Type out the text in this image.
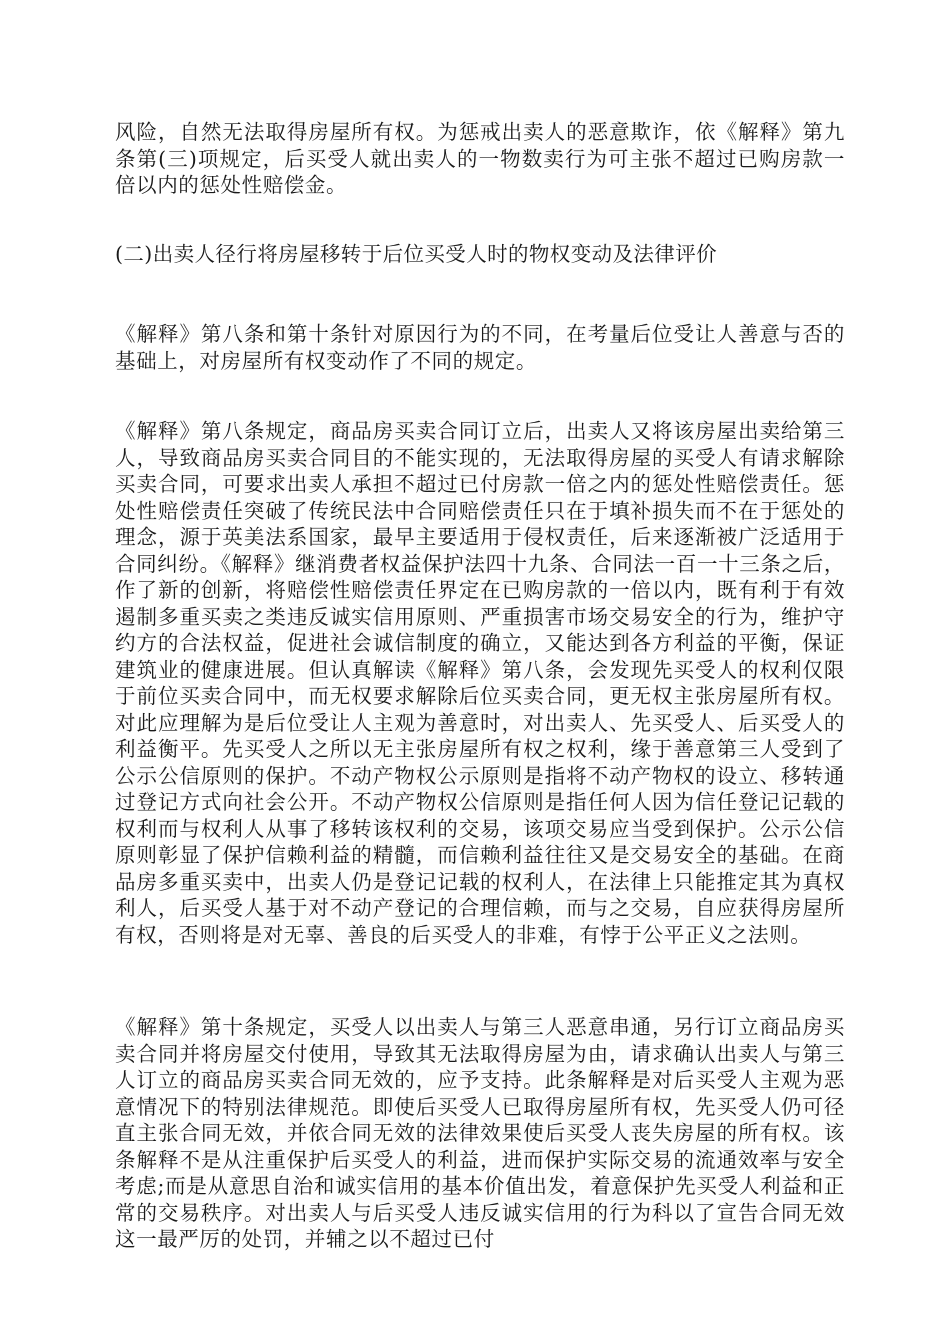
风险，自然无法取得房屋所有权。为惩戒出卖人的恶意欺诈，依《解释》第九条第(三)项规定，后买受人就出卖人的一物数卖行为可主张不超过已购房款一倍以内的惩处性赔偿金。

(二)出卖人径行将房屋移转于后位买受人时的物权变动及法律评价

《解释》第八条和第十条针对原因行为的不同，在考量后位受让人善意与否的基础上，对房屋所有权变动作了不同的规定。

《解释》第八条规定，商品房买卖合同订立后，出卖人又将该房屋出卖给第三人，导致商品房买卖合同目的不能实现的，无法取得房屋的买受人有请求解除买卖合同，可要求出卖人承担不超过已付房款一倍之内的惩处性赔偿责任。惩处性赔偿责任突破了传统民法中合同赔偿责任只在于填补损失而不在于惩处的理念，源于英美法系国家，最早主要适用于侵权责任，后来逐渐被广泛适用于合同纠纷。《解释》继消费者权益保护法四十九条、合同法一百一十三条之后，作了新的创新，将赔偿性赔偿责任界定在已购房款的一倍以内，既有利于有效遏制多重买卖之类违反诚实信用原则、严重损害市场交易安全的行为，维护守约方的合法权益，促进社会诚信制度的确立，又能达到各方利益的平衡，保证建筑业的健康进展。但认真解读《解释》第八条，会发现先买受人的权利仅限于前位买卖合同中，而无权要求解除后位买卖合同，更无权主张房屋所有权。对此应理解为是后位受让人主观为善意时，对出卖人、先买受人、后买受人的利益衡平。先买受人之所以无主张房屋所有权之权利，缘于善意第三人受到了公示公信原则的保护。不动产物权公示原则是指将不动产物权的设立、移转通过登记方式向社会公开。不动产物权公信原则是指任何人因为信任登记记载的权利而与权利人从事了移转该权利的交易，该项交易应当受到保护。公示公信原则彰显了保护信赖利益的精髓，而信赖利益往往又是交易安全的基础。在商品房多重买卖中，出卖人仍是登记记载的权利人，在法律上只能推定其为真权利人，后买受人基于对不动产登记的合理信赖，而与之交易，自应获得房屋所有权，否则将是对无辜、善良的后买受人的非难，有悖于公平正义之法则。

《解释》第十条规定，买受人以出卖人与第三人恶意串通，另行订立商品房买卖合同并将房屋交付使用，导致其无法取得房屋为由，请求确认出卖人与第三人订立的商品房买卖合同无效的，应予支持。此条解释是对后买受人主观为恶意情况下的特别法律规范。即使后买受人已取得房屋所有权，先买受人仍可径直主张合同无效，并依合同无效的法律效果使后买受人丧失房屋的所有权。该条解释不是从注重保护后买受人的利益，进而保护实际交易的流通效率与安全考虑;而是从意思自治和诚实信用的基本价值出发，着意保护先买受人利益和正常的交易秩序。对出卖人与后买受人违反诚实信用的行为科以了宣告合同无效这一最严厉的处罚，并辅之以不超过已付
